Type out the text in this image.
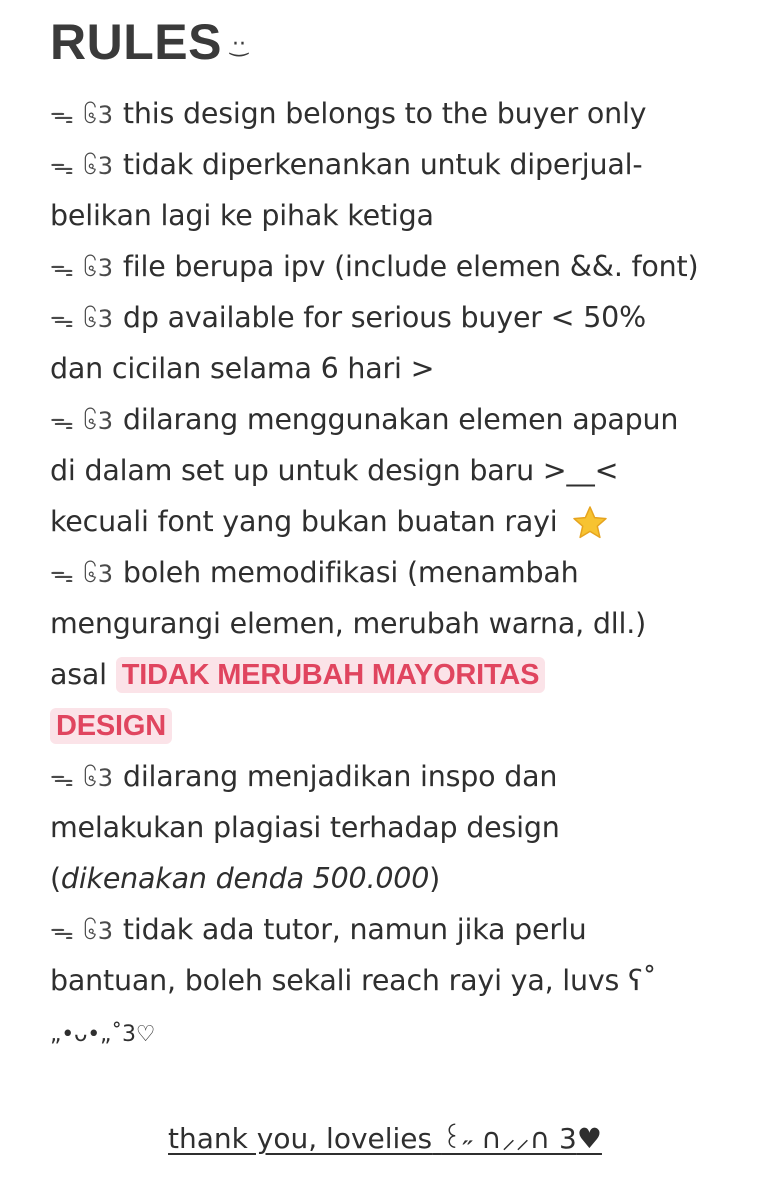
RULES ·͜·
ᯓ ၆3 this design belongs to the buyer only
ᯓ ၆3 tidak diperkenankan untuk diperjual-
belikan lagi ke pihak ketiga
ᯓ ၆3 file berupa ipv (include elemen &&. font)
ᯓ ၆3 dp available for serious buyer < 50%
dan cicilan selama 6 hari >
ᯓ ၆3 dilarang menggunakan elemen apapun
di dalam set up untuk design baru >__<
kecuali font yang bukan buatan rayi
ᯓ ၆3 boleh memodifikasi (menambah
mengurangi elemen, merubah warna, dll.)
asal TIDAK MERUBAH MAYORITAS
DESIGN
ᯓ ၆3 dilarang menjadikan inspo dan
melakukan plagiasi terhadap design
(dikenakan denda 500.000)
ᯓ ၆3 tidak ada tutor, namun jika perlu
bantuan, boleh sekali reach rayi ya, luvs ʕ˚
„•ᴗ•„˚3♡
thank you, lovelies ꒰˶ ∩⸝⸝∩ 3♥
